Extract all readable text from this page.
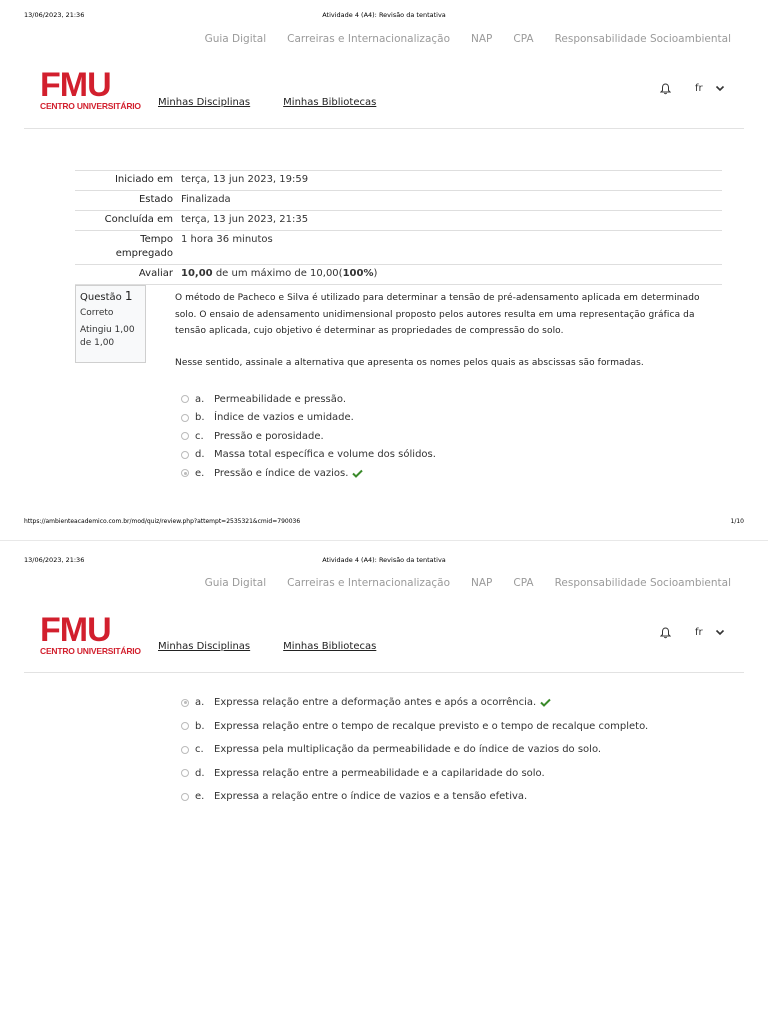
13/06/2023, 21:36	Atividade 4 (A4): Revisão da tentativa
Guia Digital Carreiras e Internacionalização NAP CPA Responsabilidade Socioambiental
FMU
CENTRO UNIVERSITÁRIO Minhas Disciplinas	Minhas Bibliotecas
fr
Iniciado em	terça, 13 jun 2023, 19:59
Estado	Finalizada
Concluída em	terça, 13 jun 2023, 21:35
Tempo
empregado	1 hora 36 minutos
Avaliar	10,00 de um máximo de 10,00(100%)
Questão 1
Correto
Atingiu 1,00 de 1,00

O método de Pacheco e Silva é utilizado para determinar a tensão de pré-adensamento aplicada em determinado solo. O ensaio de adensamento unidimensional proposto pelos autores resulta em uma representação gráfica da tensão aplicada, cujo objetivo é determinar as propriedades de compressão do solo.

Nesse sentido, assinale a alternativa que apresenta os nomes pelos quais as abscissas são formadas.

a. Permeabilidade e pressão.
b. Índice de vazios e umidade.
c.	Pressão e porosidade.
d. Massa total específica e volume dos sólidos.
e. Pressão e índice de vazios.
https://ambienteacademico.com.br/mod/quiz/review.php?attempt=2535321&cmid=790036	1/10
13/06/2023, 21:36	Atividade 4 (A4): Revisão da tentativa
Guia Digital Carreiras e Internacionalização NAP CPA Responsabilidade Socioambiental
FMU
CENTRO UNIVERSITÁRIO Minhas Disciplinas	Minhas Bibliotecas
fr
a. Expressa relação entre a deformação antes e após a ocorrência.
b. Expressa relação entre o tempo de recalque previsto e o tempo de recalque completo.
c.	Expressa pela multiplicação da permeabilidade e do índice de vazios do solo.
d. Expressa relação entre a permeabilidade e a capilaridade do solo.
e. Expressa a relação entre o índice de vazios e a tensão efetiva.
